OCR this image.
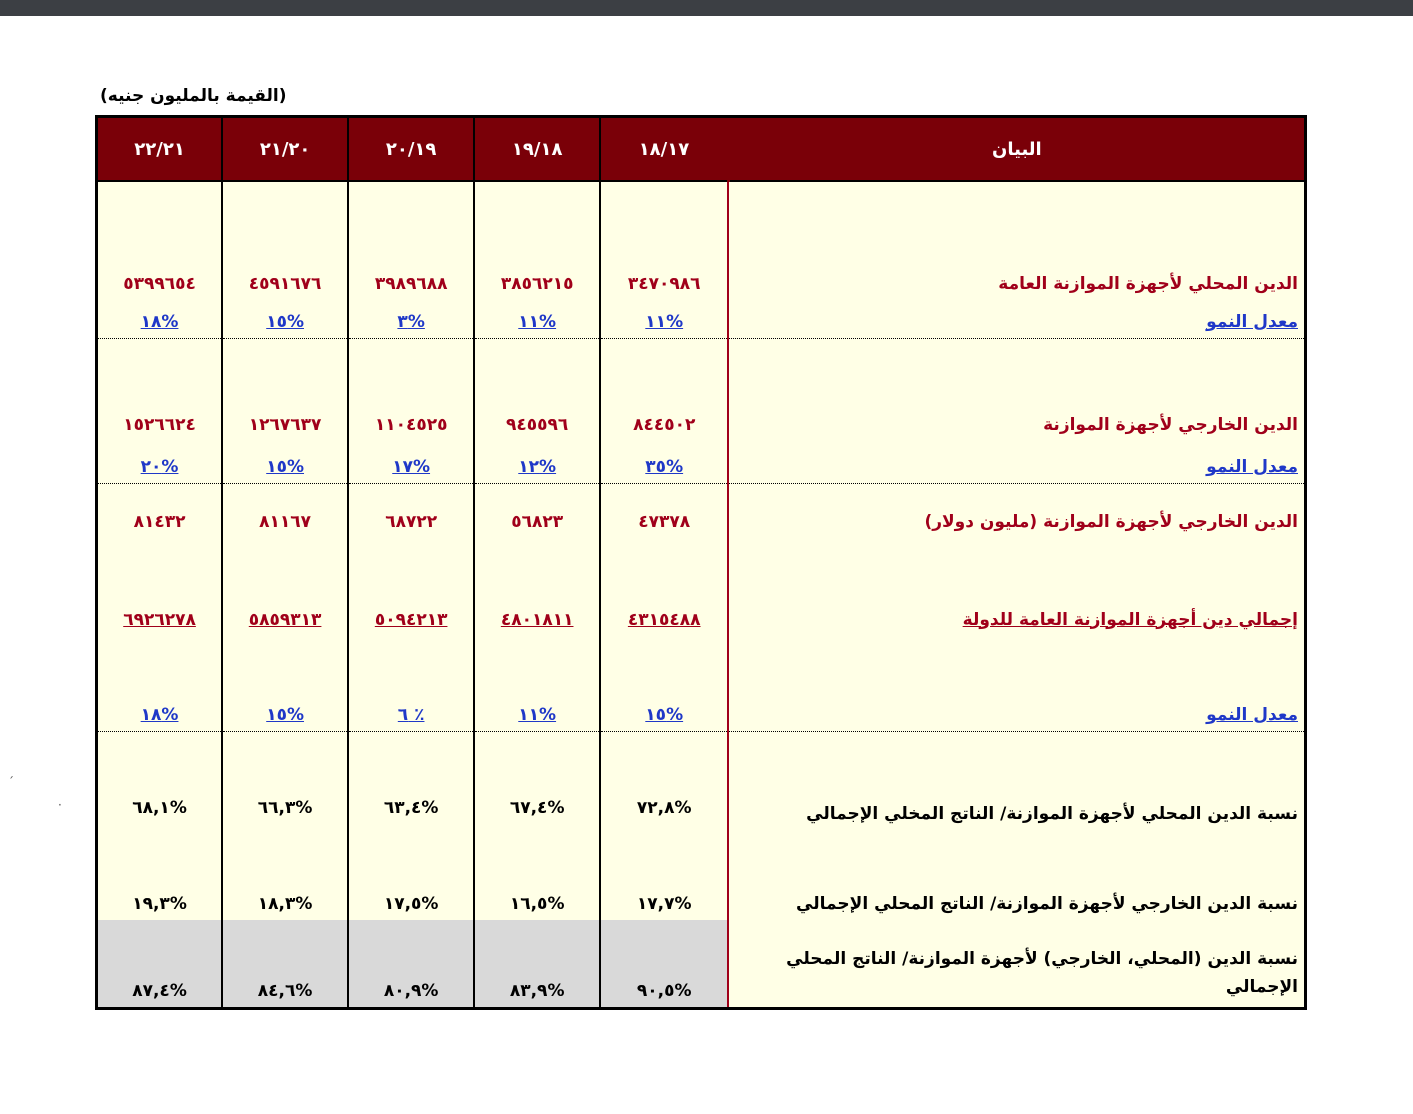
´
·
(القيمة بالمليون جنيه)
البيان	١٨/١٧	١٩/١٨	٢٠/١٩	٢١/٢٠	٢٢/٢١
الدين المحلي لأجهزة الموازنة العامة	٣٤٧٠٩٨٦	٣٨٥٦٢١٥	٣٩٨٩٦٨٨	٤٥٩١٦٧٦	٥٣٩٩٦٥٤
معدل النمو	%١١	%١١	%٣	%١٥	%١٨
الدين الخارجي لأجهزة الموازنة	٨٤٤٥٠٢	٩٤٥٥٩٦	١١٠٤٥٢٥	١٢٦٧٦٣٧	١٥٢٦٦٢٤
معدل النمو	%٣٥	%١٢	%١٧	%١٥	%٢٠
الدين الخارجي لأجهزة الموازنة (مليون دولار)	٤٧٣٧٨	٥٦٨٢٣	٦٨٧٢٢	٨١١٦٧	٨١٤٣٢
إجمالي دين أجهزة الموازنة العامة للدولة	٤٣١٥٤٨٨	٤٨٠١٨١١	٥٠٩٤٢١٣	٥٨٥٩٣١٣	٦٩٢٦٢٧٨
معدل النمو	%١٥	%١١	٪ ٦	%١٥	%١٨
نسبة الدين المحلي لأجهزة الموازنة/ الناتج المخلي الإجمالي	%٧٢,٨	%٦٧,٤	%٦٣,٤	%٦٦,٣	%٦٨,١
نسبة الدين الخارجي لأجهزة الموازنة/ الناتج المحلي الإجمالي	%١٧,٧	%١٦,٥	%١٧,٥	%١٨,٣	%١٩,٣
نسبة الدين (المحلي، الخارجي) لأجهزة الموازنة/ الناتج المحلي الإجمالي	%٩٠,٥	%٨٣,٩	%٨٠,٩	%٨٤,٦	%٨٧,٤
